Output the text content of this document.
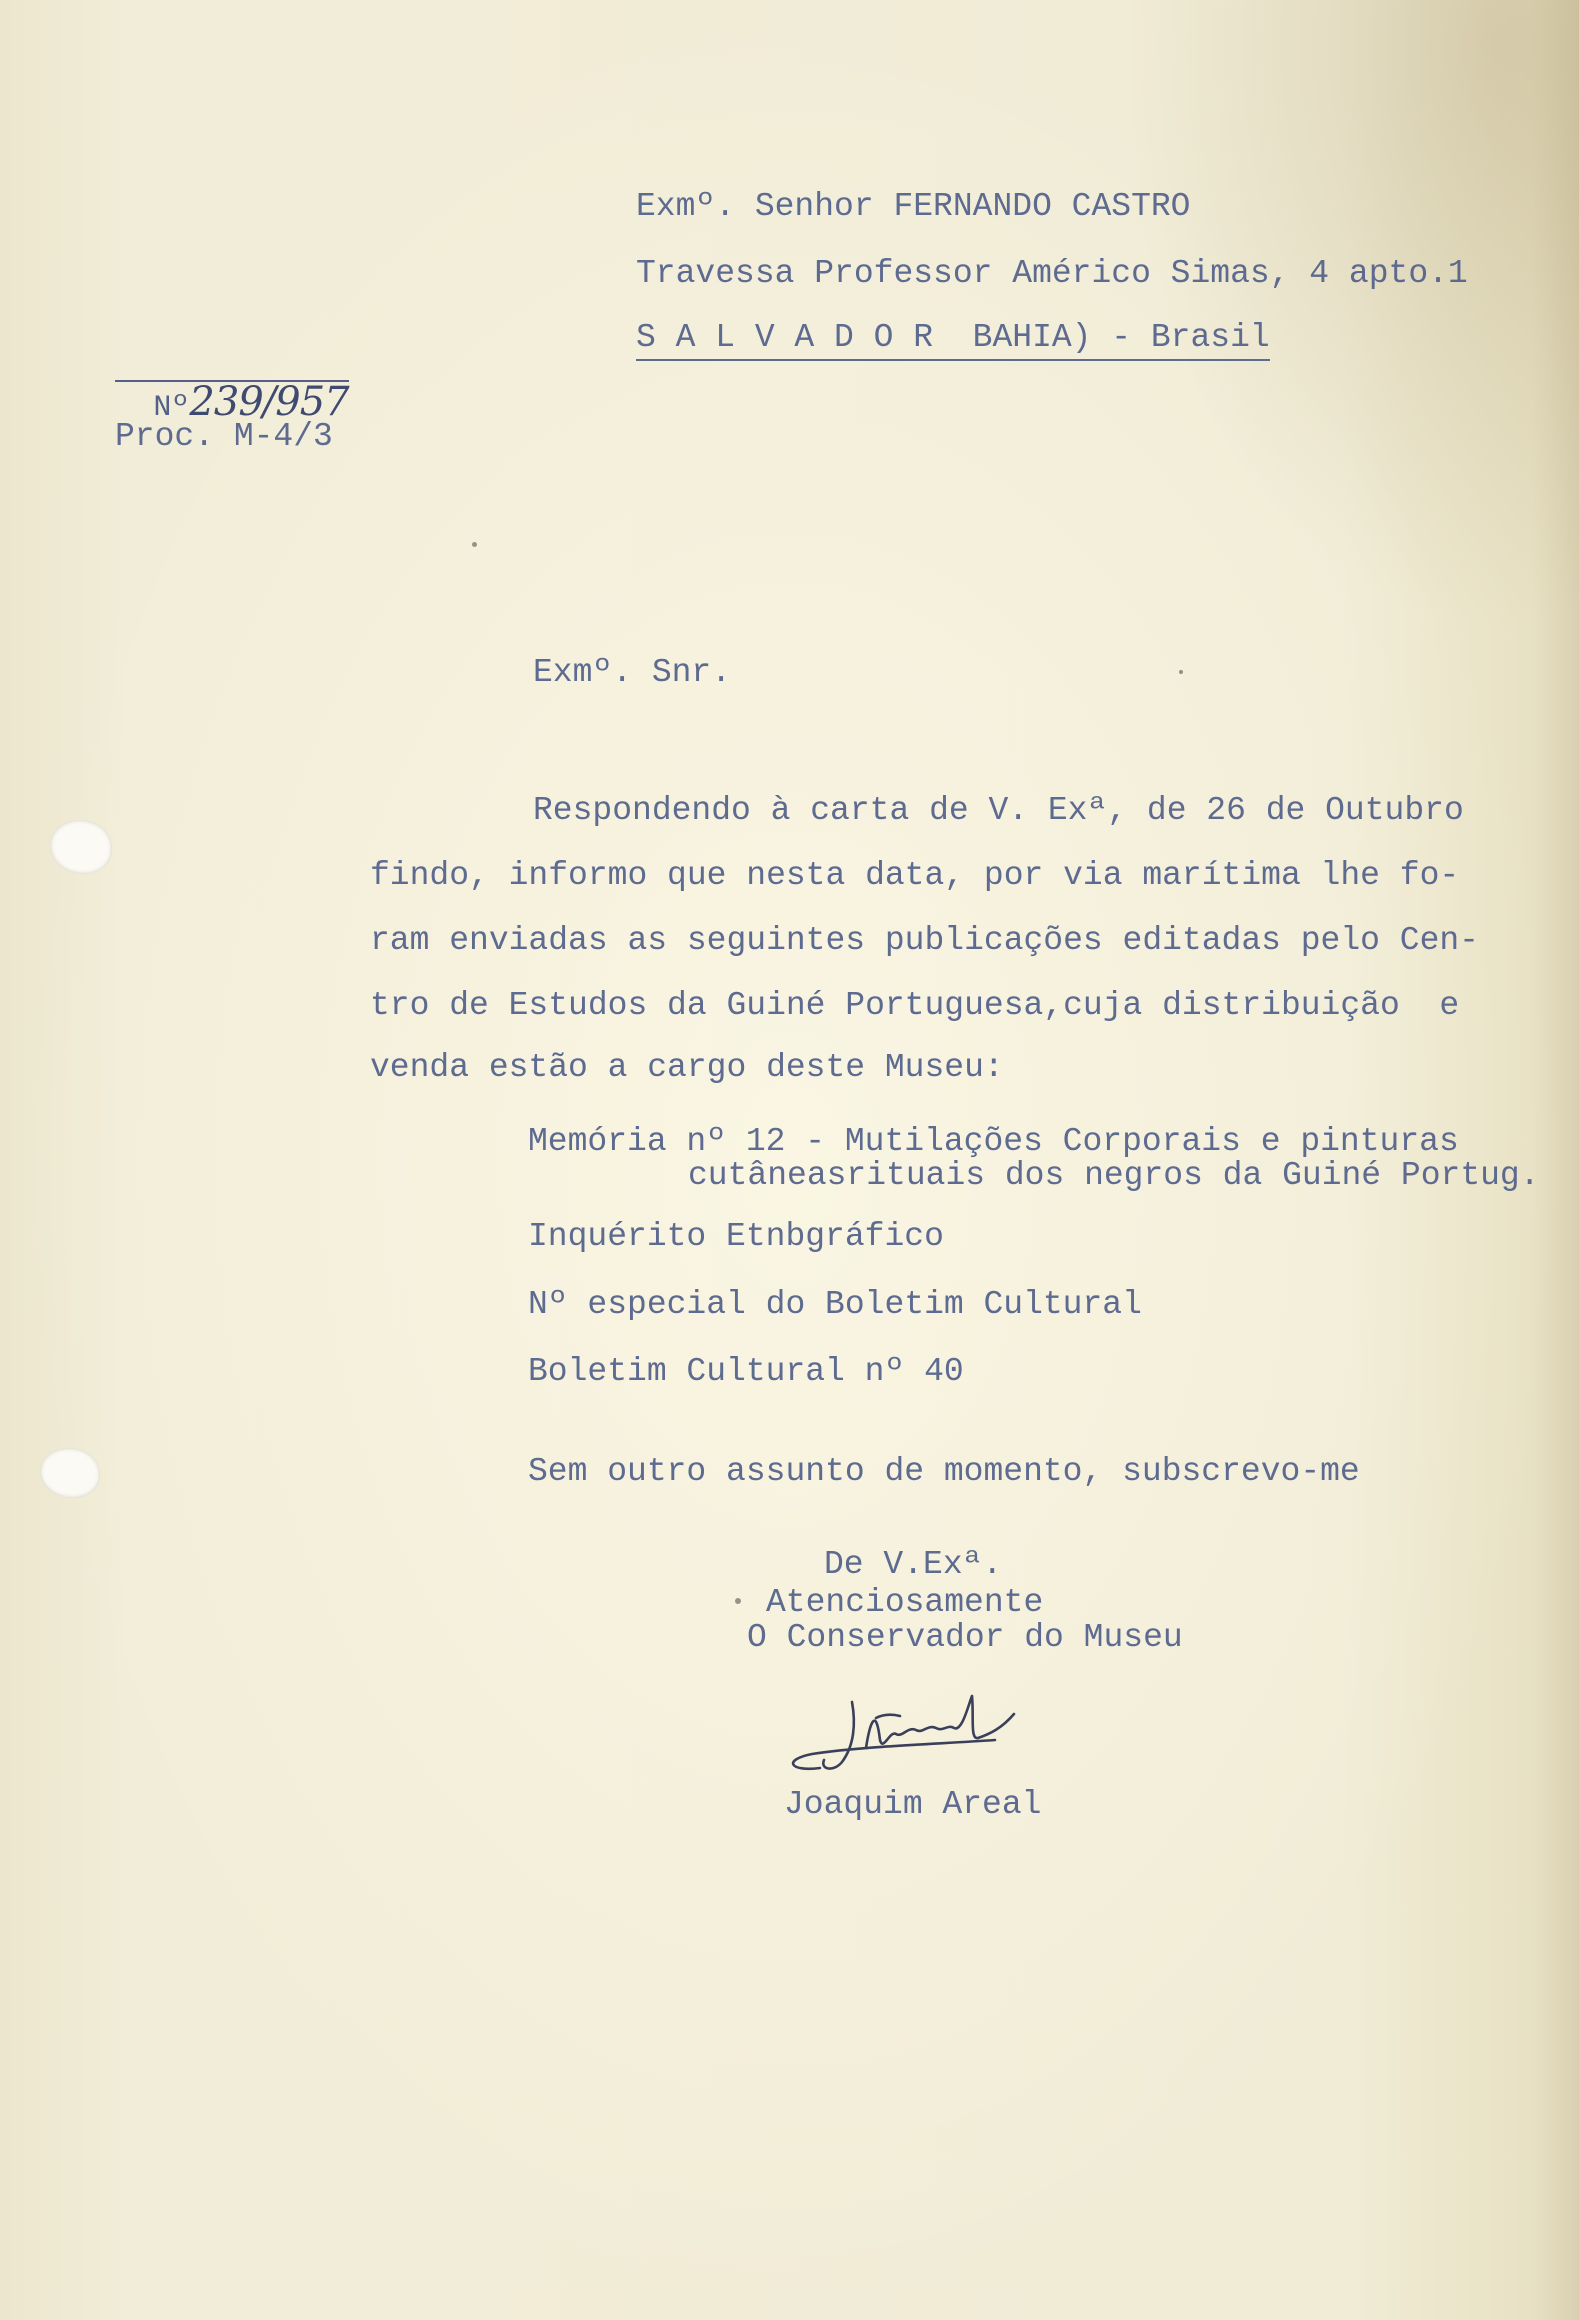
Exmº. Senhor FERNANDO CASTRO
Travessa Professor Américo Simas, 4 apto.1
S A L V A D O R  BAHIA) - Brasil

Nº239/957

Proc. M-4/3
Exmº. Snr.
Respondendo à carta de V. Exª, de 26 de Outubro
findo, informo que nesta data, por via marítima lhe fo-
ram enviadas as seguintes publicações editadas pelo Cen-
tro de Estudos da Guiné Portuguesa,cuja distribuição  e
venda estão a cargo deste Museu:
Memória nº 12 - Mutilações Corporais e pinturas
cutâneasrituais dos negros da Guiné Portug.
Inquérito Etnbgráfico
Nº especial do Boletim Cultural
Boletim Cultural nº 40
Sem outro assunto de momento, subscrevo-me
De V.Exª.
Atenciosamente
O Conservador do Museu
Joaquim Areal
